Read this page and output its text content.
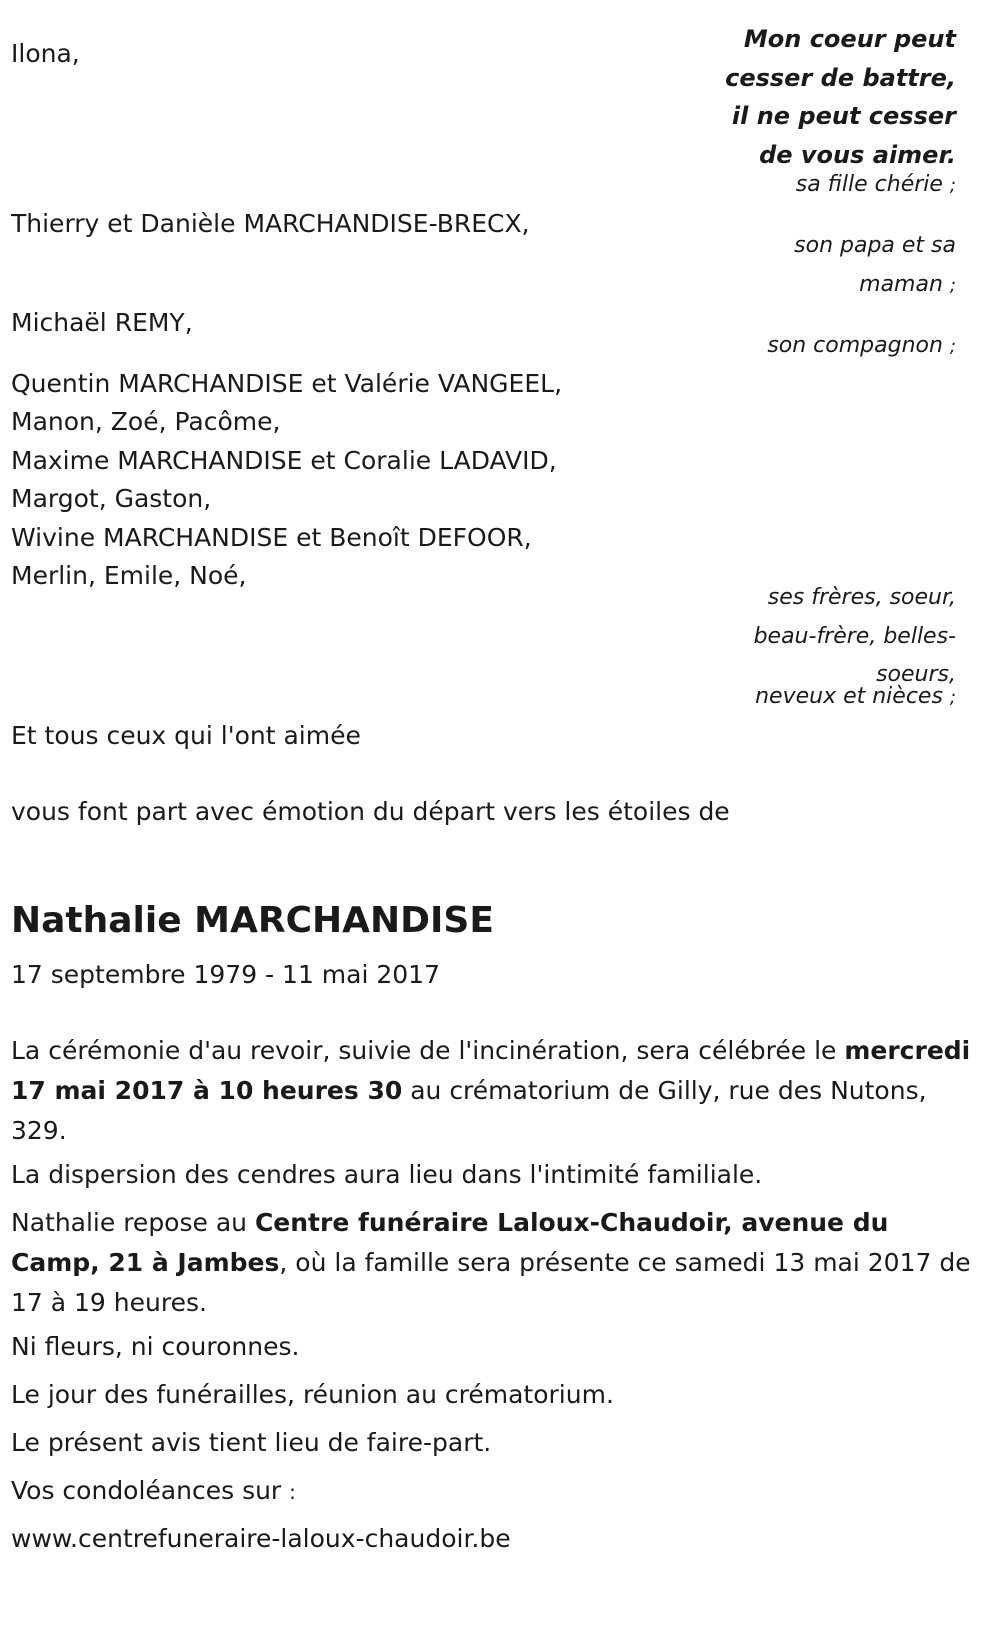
Mon coeur peut
cesser de battre,
il ne peut cesser
de vous aimer.
Ilona,
Thierry et Danièle MARCHANDISE-BRECX,
Michaël REMY,
Quentin MARCHANDISE et Valérie VANGEEL,
Manon, Zoé, Pacôme,
Maxime MARCHANDISE et Coralie LADAVID,
Margot, Gaston,
Wivine MARCHANDISE et Benoît DEFOOR,
Merlin, Emile, Noé,
Et tous ceux qui l'ont aimée
sa fille chérie ;
son papa et sa
maman ;
son compagnon ;
ses frères, soeur,
beau-frère, belles-
soeurs,
neveux et nièces ;
vous font part avec émotion du départ vers les étoiles de
Nathalie MARCHANDISE
17 septembre 1979 - 11 mai 2017
La cérémonie d'au revoir, suivie de l'incinération, sera célébrée le mercredi 17 mai 2017 à 10 heures 30 au crématorium de Gilly, rue des Nutons, 329.
La dispersion des cendres aura lieu dans l'intimité familiale.
Nathalie repose au Centre funéraire Laloux-Chaudoir, avenue du Camp, 21 à Jambes, où la famille sera présente ce samedi 13 mai 2017 de 17 à 19 heures.
Ni fleurs, ni couronnes.
Le jour des funérailles, réunion au crématorium.
Le présent avis tient lieu de faire-part.
Vos condoléances sur :
www.centrefuneraire-laloux-chaudoir.be
